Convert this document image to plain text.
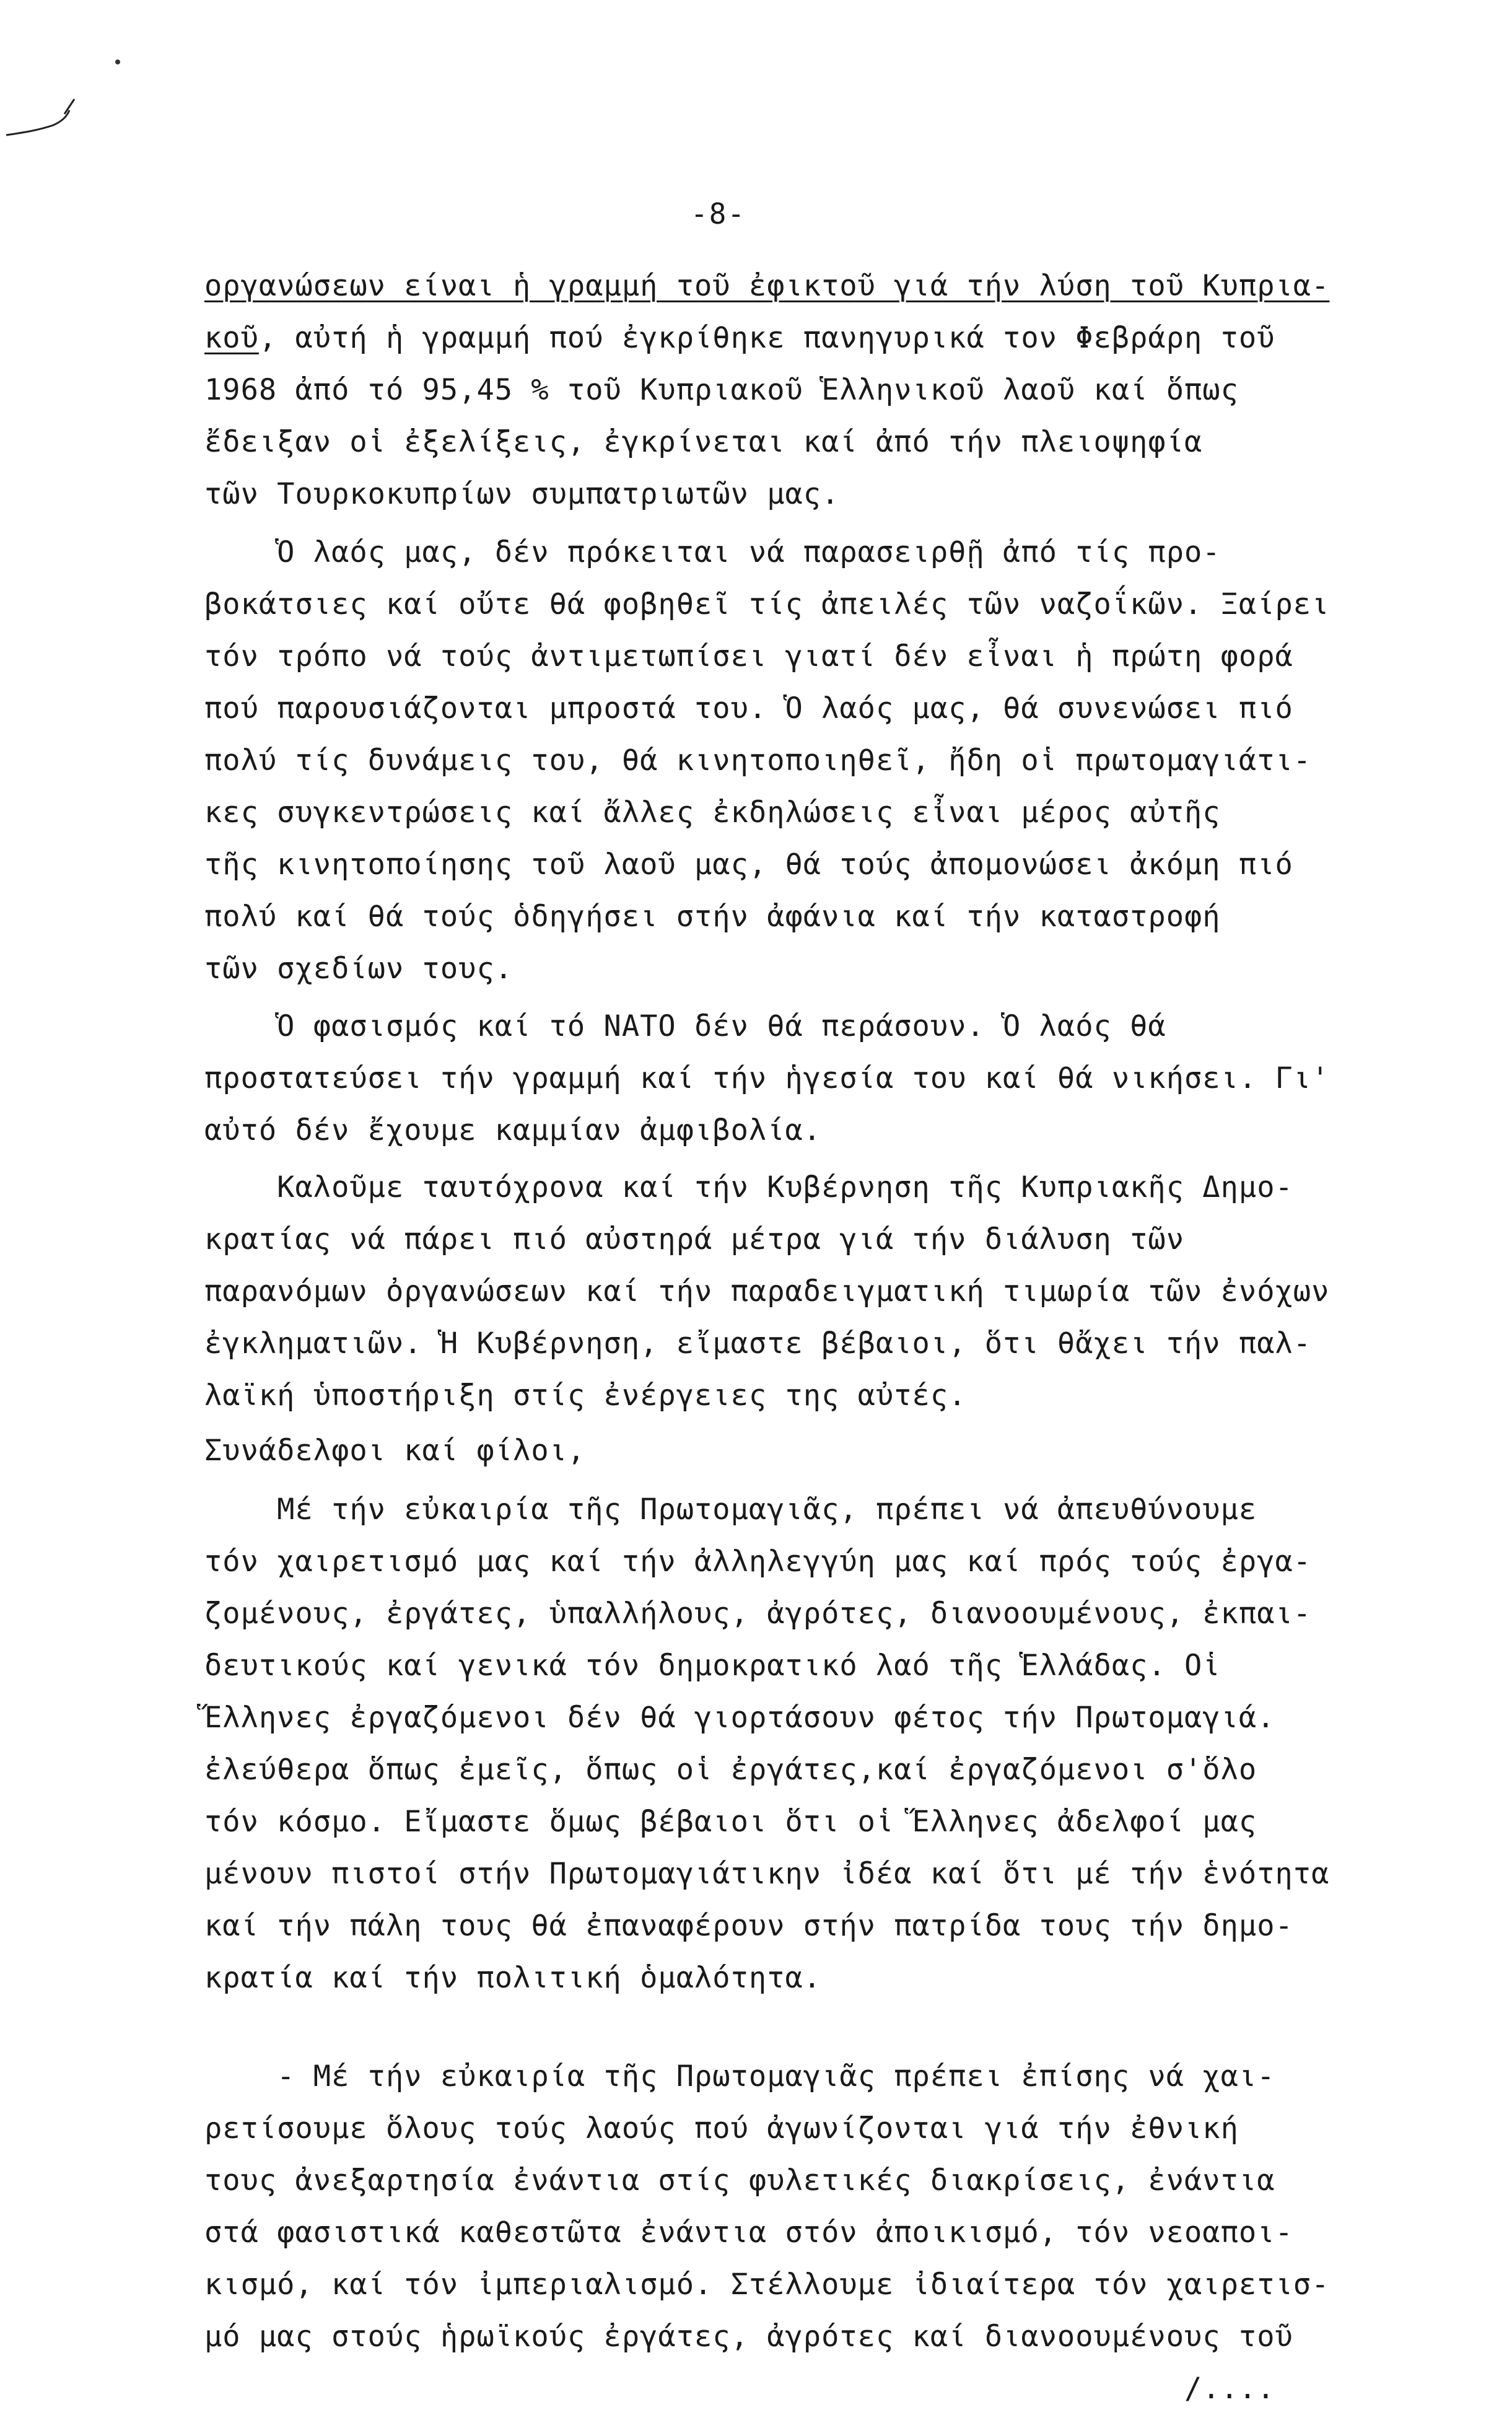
-8-
οργανώσεων είναι ἡ γραμμή τοῦ ἐφικτοῦ γιά τήν λύση τοῦ Κυπρια-
κοῦ, αὐτή ἡ γραμμή πού ἐγκρίθηκε πανηγυρικά τον Φεβράρη τοῦ
1968 ἀπό τό 95,45 % τοῦ Κυπριακοῦ Ἑλληνικοῦ λαοῦ καί ὅπως
ἔδειξαν οἱ ἐξελίξεις, ἐγκρίνεται καί ἀπό τήν πλειοψηφία
τῶν Τουρκοκυπρίων συμπατριωτῶν μας.
Ὁ λαός μας, δέν πρόκειται νά παρασειρθῇ ἀπό τίς προ-
βοκάτσιες καί οὔτε θά φοβηθεῖ τίς ἀπειλές τῶν ναζοΐκῶν. Ξαίρει
τόν τρόπο νά τούς ἀντιμετωπίσει γιατί δέν εἶναι ἡ πρώτη φορά
πού παρουσιάζονται μπροστά του. Ὁ λαός μας, θά συνενώσει πιό
πολύ τίς δυνάμεις του, θά κινητοποιηθεῖ, ἤδη οἱ πρωτομαγιάτι-
κες συγκεντρώσεις καί ἄλλες ἐκδηλώσεις εἶναι μέρος αὐτῆς
τῆς κινητοποίησης τοῦ λαοῦ μας, θά τούς ἀπομονώσει ἀκόμη πιό
πολύ καί θά τούς ὁδηγήσει στήν ἀφάνια καί τήν καταστροφή
τῶν σχεδίων τους.
Ὁ φασισμός καί τό ΝΑΤΟ δέν θά περάσουν. Ὁ λαός θά
προστατεύσει τήν γραμμή καί τήν ἡγεσία του καί θά νικήσει. Γι'
αὐτό δέν ἔχουμε καμμίαν ἀμφιβολία.
Καλοῦμε ταυτόχρονα καί τήν Κυβέρνηση τῆς Κυπριακῆς Δημο-
κρατίας νά πάρει πιό αὐστηρά μέτρα γιά τήν διάλυση τῶν
παρανόμων ὀργανώσεων καί τήν παραδειγματική τιμωρία τῶν ἐνόχων
ἐγκληματιῶν. Ἡ Κυβέρνηση, εἴμαστε βέβαιοι, ὅτι θἄχει τήν παλ-
λαϊκή ὑποστήριξη στίς ἐνέργειες της αὐτές.
Συνάδελφοι καί φίλοι,
Μέ τήν εὐκαιρία τῆς Πρωτομαγιᾶς, πρέπει νά ἀπευθύνουμε
τόν χαιρετισμό μας καί τήν ἀλληλεγγύη μας καί πρός τούς ἐργα-
ζομένους, ἐργάτες, ὑπαλλήλους, ἀγρότες, διανοουμένους, ἐκπαι-
δευτικούς καί γενικά τόν δημοκρατικό λαό τῆς Ἑλλάδας. Οἱ
Ἕλληνες ἐργαζόμενοι δέν θά γιορτάσουν φέτος τήν Πρωτομαγιά.
ἐλεύθερα ὅπως ἐμεῖς, ὅπως οἱ ἐργάτες,καί ἐργαζόμενοι σ'ὅλο
τόν κόσμο. Εἴμαστε ὅμως βέβαιοι ὅτι οἱ Ἕλληνες ἀδελφοί μας
μένουν πιστοί στήν Πρωτομαγιάτικην ἰδέα καί ὅτι μέ τήν ἑνότητα
καί τήν πάλη τους θά ἐπαναφέρουν στήν πατρίδα τους τήν δημο-
κρατία καί τήν πολιτική ὁμαλότητα.
- Μέ τήν εὐκαιρία τῆς Πρωτομαγιᾶς πρέπει ἐπίσης νά χαι-
ρετίσουμε ὅλους τούς λαούς πού ἀγωνίζονται γιά τήν ἐθνική
τους ἀνεξαρτησία ἐνάντια στίς φυλετικές διακρίσεις, ἐνάντια
στά φασιστικά καθεστῶτα ἐνάντια στόν ἀποικισμό, τόν νεοαποι-
κισμό, καί τόν ἰμπεριαλισμό. Στέλλουμε ἰδιαίτερα τόν χαιρετισ-
μό μας στούς ἡρωϊκούς ἐργάτες, ἀγρότες καί διανοουμένους τοῦ
/....
